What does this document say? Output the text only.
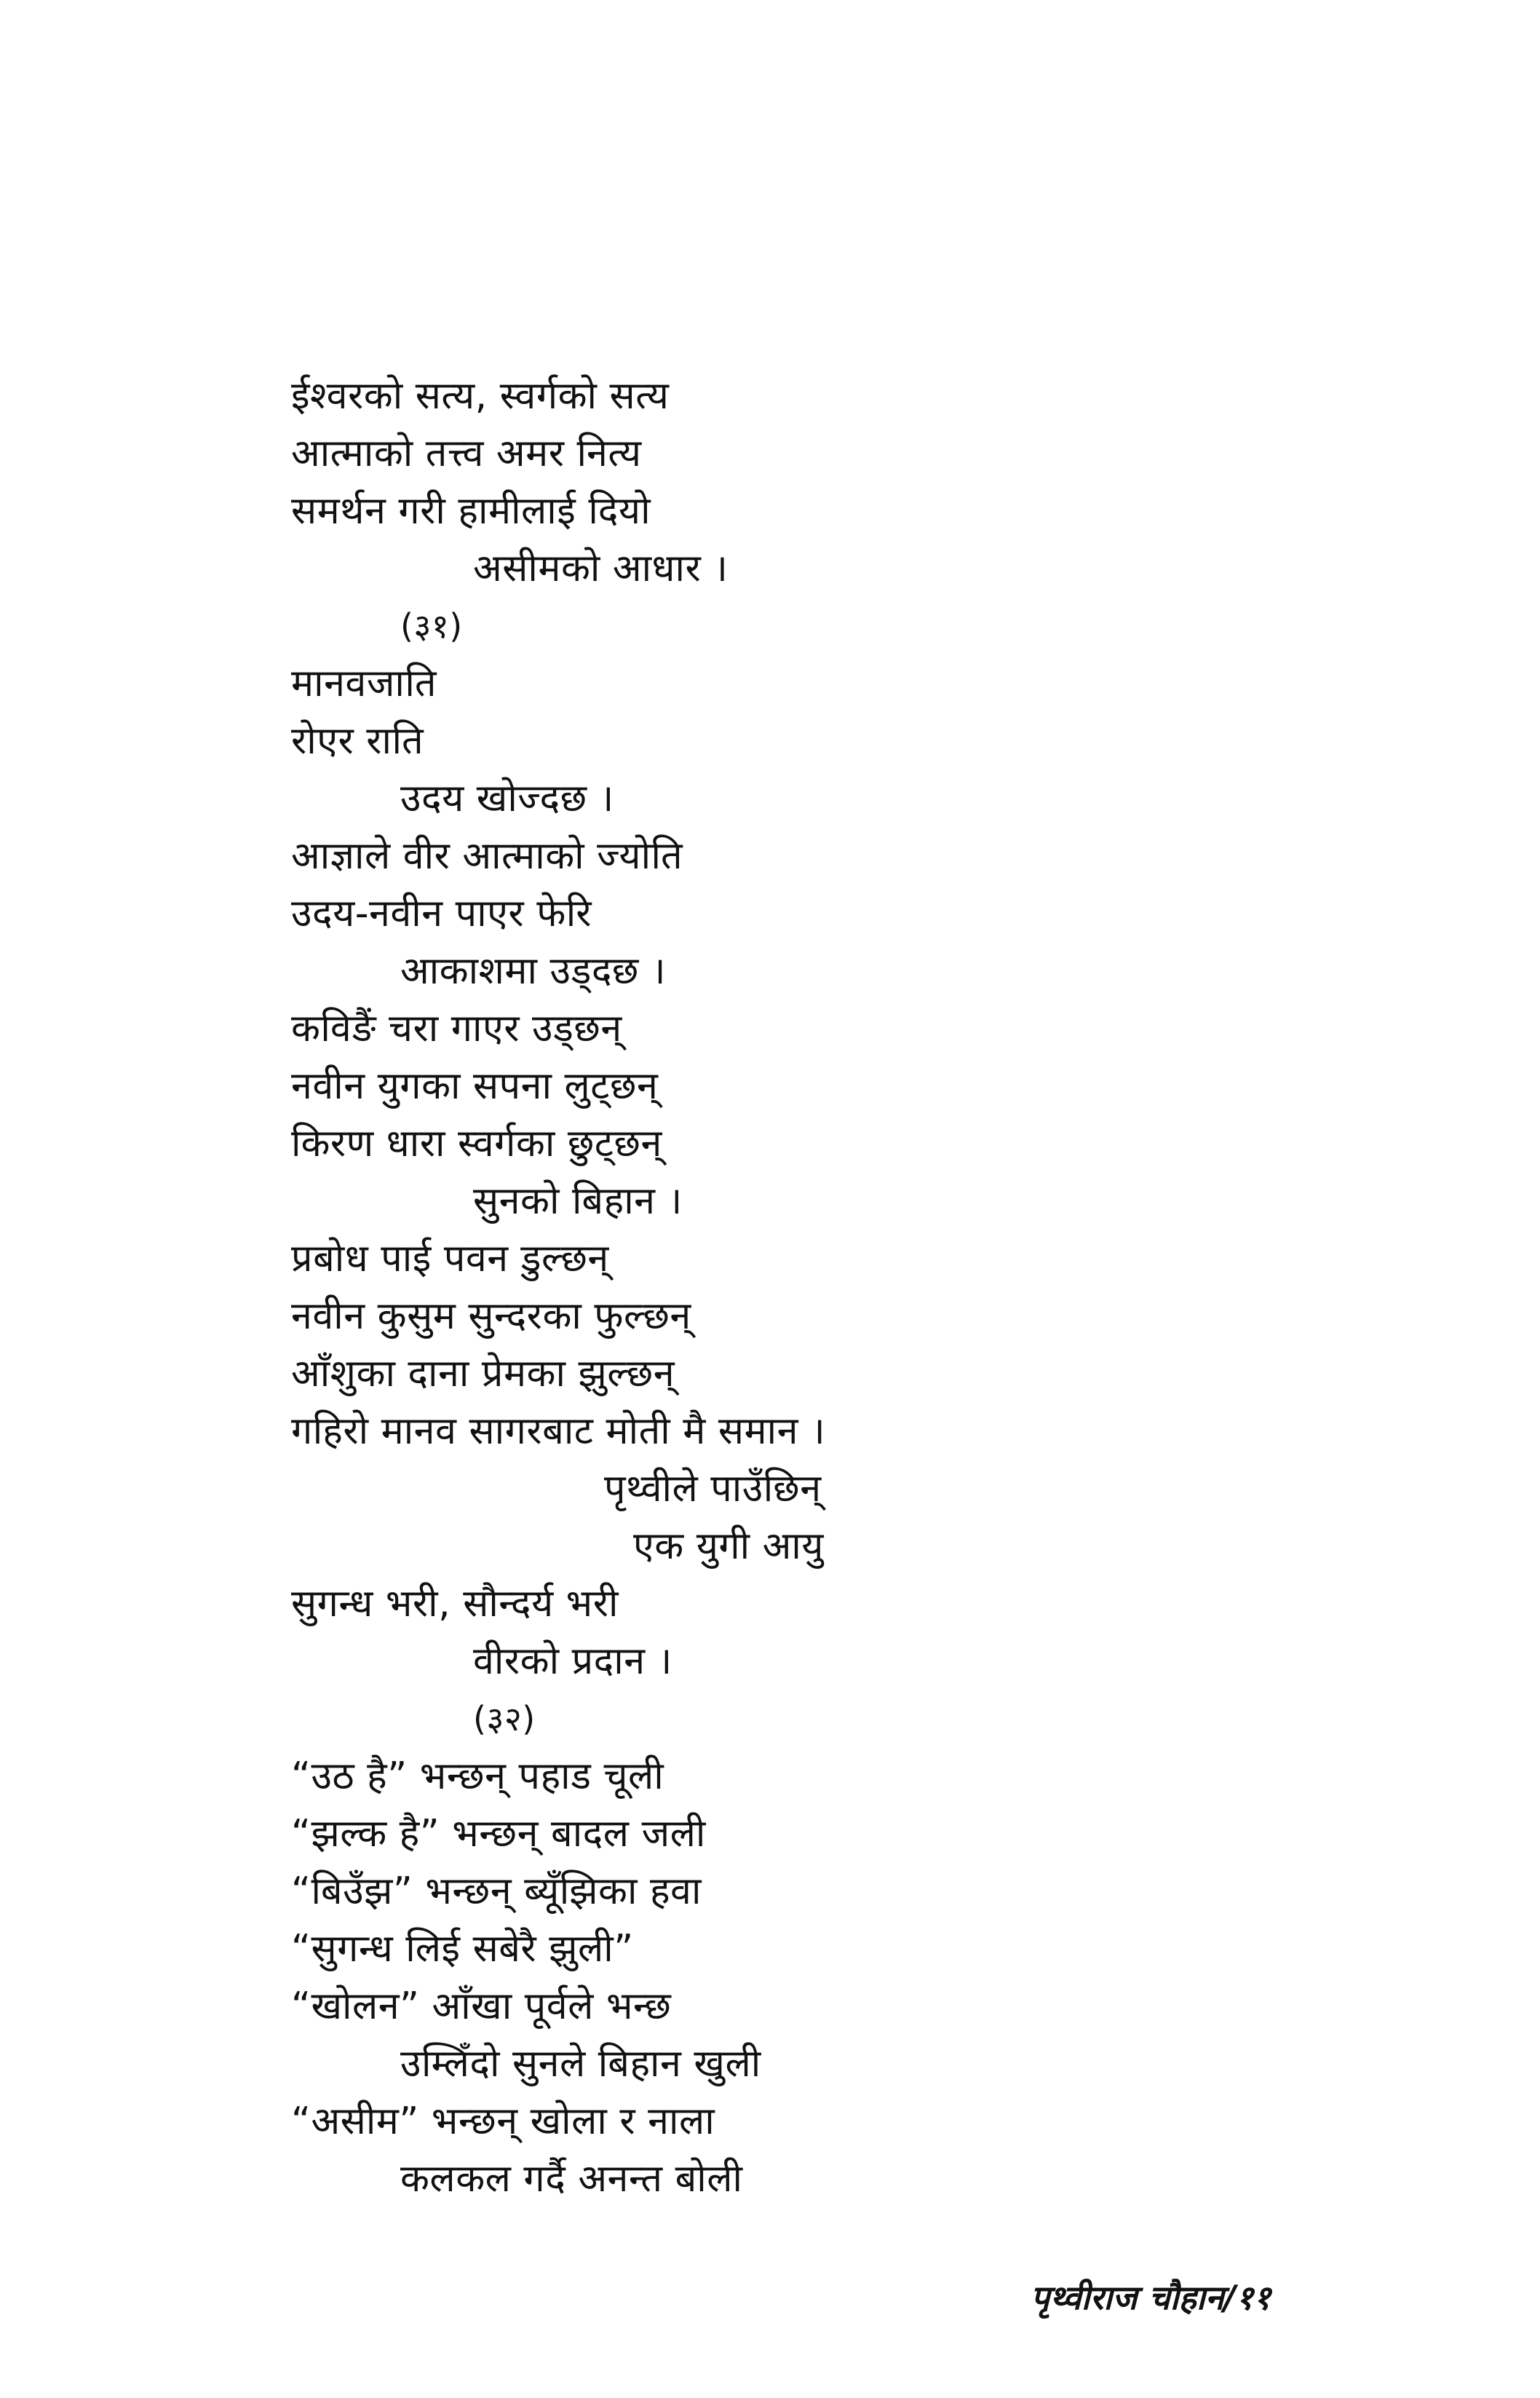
ईश्वरको सत्य, स्वर्गको सत्य
आत्माको तत्त्व अमर नित्य
समर्थन गरी हामीलाई दियो
असीमको आधार ।
(३१)
मानवजाति
रोएर राति
उदय खोज्दछ ।
आज्ञाले वीर आत्माको ज्योति
उदय-नवीन पाएर फेरि
आकाशमा उड्दछ ।
कविङैं चरा गाएर उड्छन्
नवीन युगका सपना लुट्छन्
किरण धारा स्वर्गका छुट्छन्
सुनको बिहान ।
प्रबोध पाई पवन डुल्छन्
नवीन कुसुम सुन्दरका फुल्छन्
आँशुका दाना प्रेमका झुल्छन्
गहिरो मानव सागरबाट मोती मै समान ।
पृथ्वीले पाउँछिन्
एक युगी आयु
सुगन्ध भरी, सौन्दर्य भरी
वीरको प्रदान ।
(३२)
“उठ है” भन्छन् पहाड चूली
“झल्क है” भन्छन् बादल जली
“बिउँझ” भन्छन् ब्यूँझिका हवा
“सुगन्ध लिई सबेरै झुली”
“खोलन” आँखा पूर्वले भन्छ
उम्लिँदो सुनले बिहान खुली
“असीम” भन्छन् खोला र नाला
कलकल गर्दै अनन्त बोली
पृथ्वीराज चौहान/११
